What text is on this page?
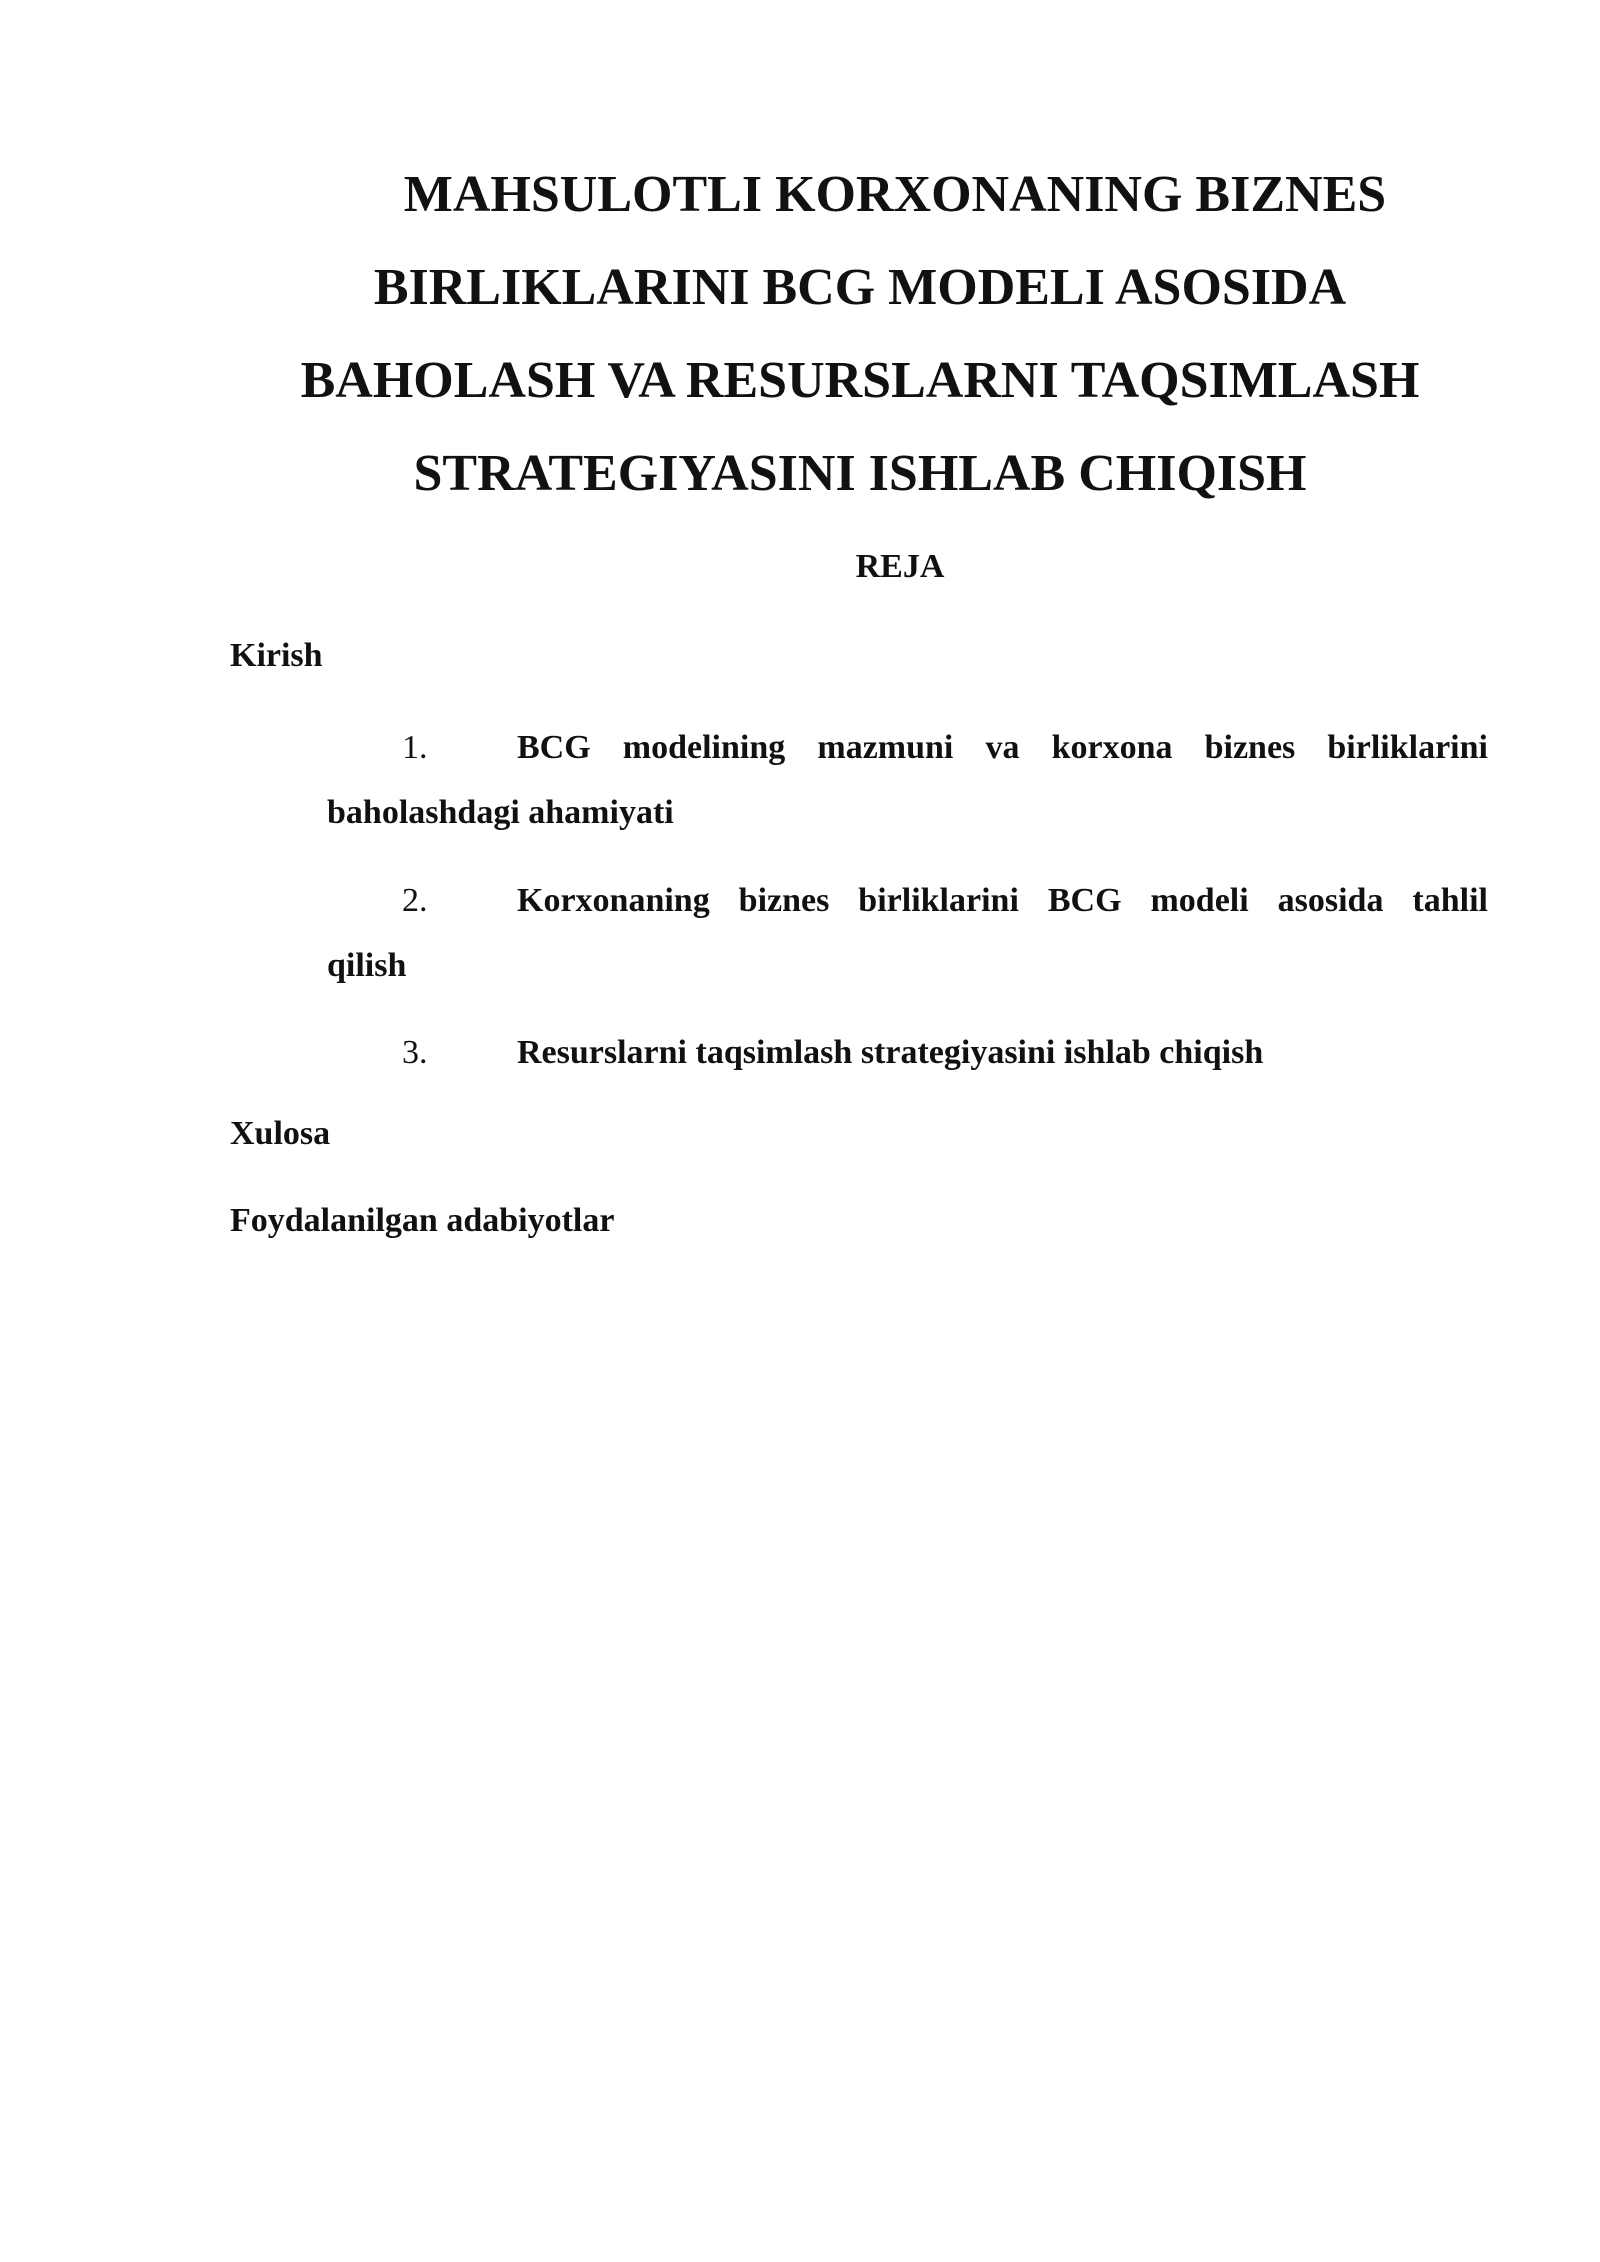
MAHSULOTLI KORXONANING BIZNES
BIRLIKLARINI BCG MODELI ASOSIDA
BAHOLASH VA RESURSLARNI TAQSIMLASH
STRATEGIYASINI ISHLAB CHIQISH

REJA

Kirish

1.	BCG modelining mazmuni va korxona biznes birliklarini
baholashdagi ahamiyati
2.	Korxonaning biznes birliklarini BCG modeli asosida tahlil
qilish
3.	Resurslarni taqsimlash strategiyasini ishlab chiqish

Xulosa

Foydalanilgan adabiyotlar
